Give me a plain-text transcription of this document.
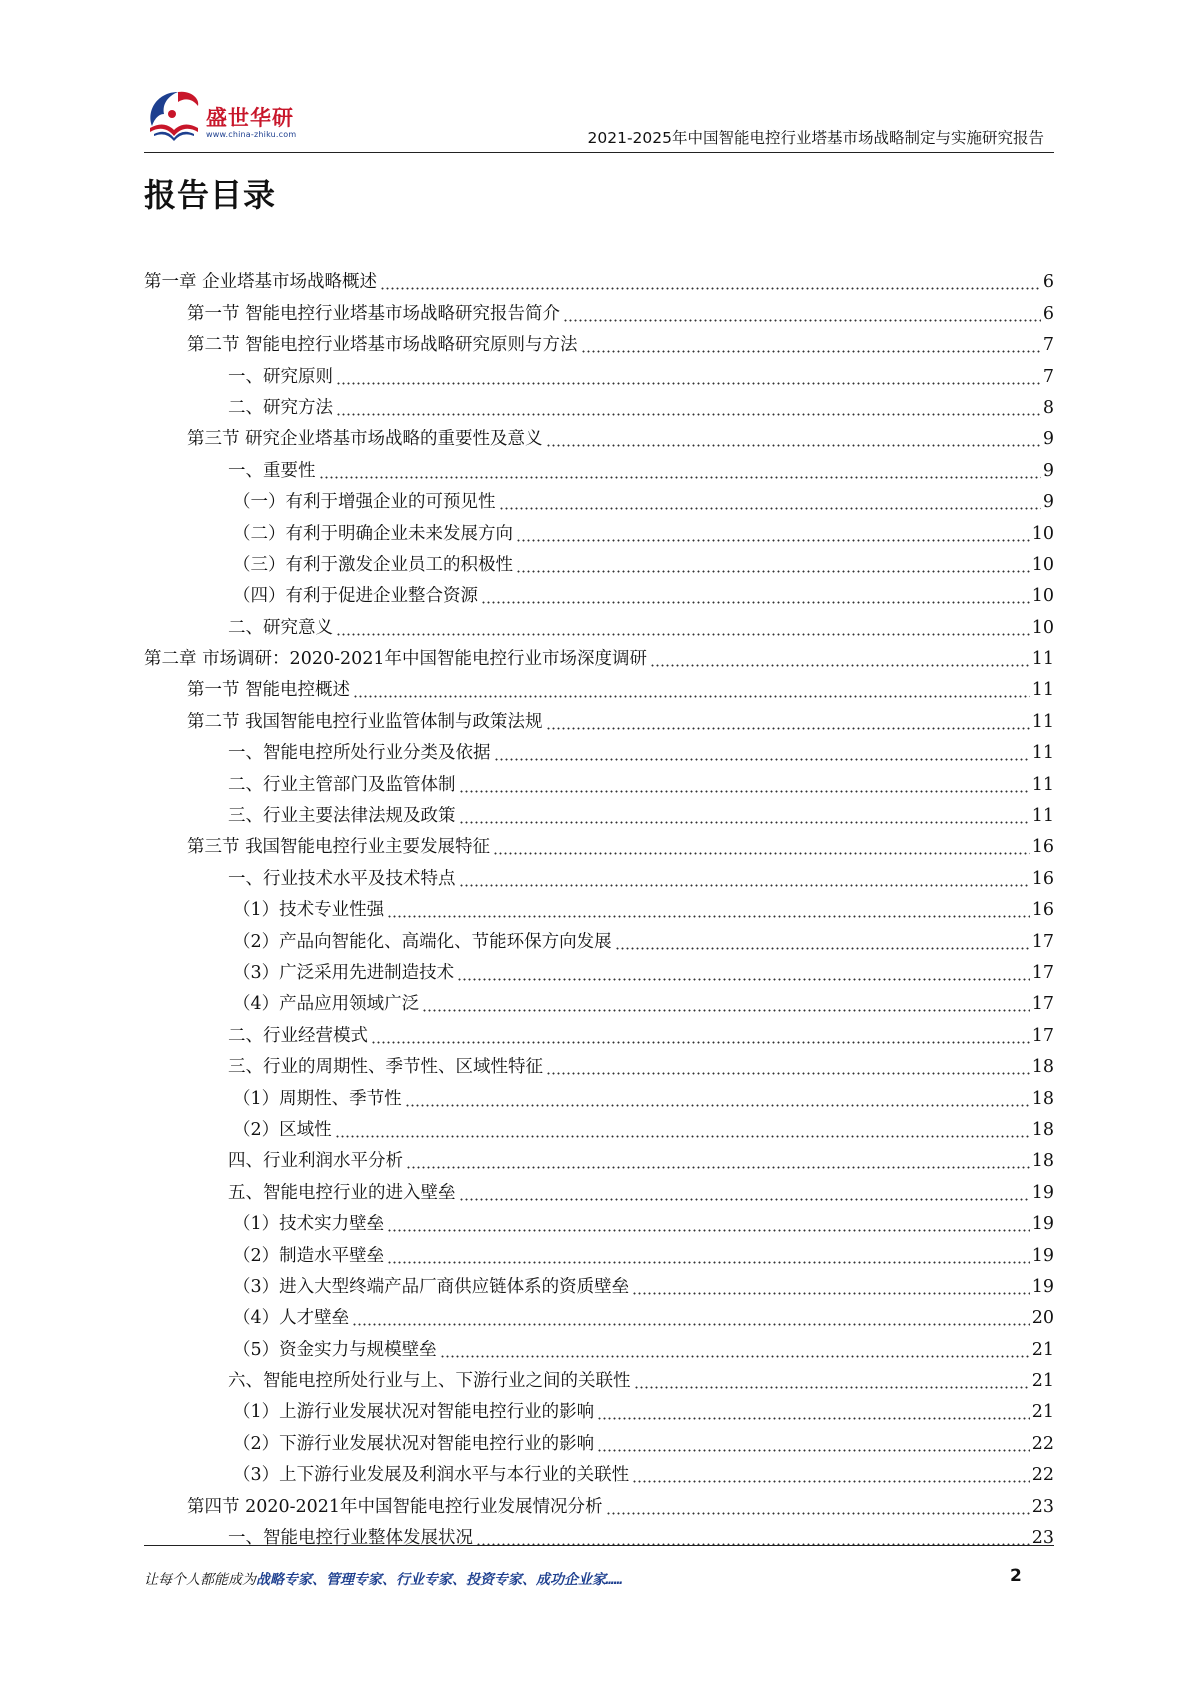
盛世华研
www.china-zhiku.com	2021-2025年中国智能电控行业塔基市场战略制定与实施研究报告
报告目录
第一章 企业塔基市场战略概述	6
第一节 智能电控行业塔基市场战略研究报告简介	6
第二节 智能电控行业塔基市场战略研究原则与方法	7
一、研究原则	7
二、研究方法	8
第三节 研究企业塔基市场战略的重要性及意义	9
一、重要性	9
（一）有利于增强企业的可预见性	9
（二）有利于明确企业未来发展方向	10
（三）有利于激发企业员工的积极性	10
（四）有利于促进企业整合资源	10
二、研究意义	10
第二章 市场调研：2020-2021年中国智能电控行业市场深度调研	11
第一节 智能电控概述	11
第二节 我国智能电控行业监管体制与政策法规	11
一、智能电控所处行业分类及依据	11
二、行业主管部门及监管体制	11
三、行业主要法律法规及政策	11
第三节 我国智能电控行业主要发展特征	16
一、行业技术水平及技术特点	16
（1）技术专业性强	16
（2）产品向智能化、高端化、节能环保方向发展	17
（3）广泛采用先进制造技术	17
（4）产品应用领域广泛	17
二、行业经营模式	17
三、行业的周期性、季节性、区域性特征	18
（1）周期性、季节性	18
（2）区域性	18
四、行业利润水平分析	18
五、智能电控行业的进入壁垒	19
（1）技术实力壁垒	19
（2）制造水平壁垒	19
（3）进入大型终端产品厂商供应链体系的资质壁垒	19
（4）人才壁垒	20
（5）资金实力与规模壁垒	21
六、智能电控所处行业与上、下游行业之间的关联性	21
（1）上游行业发展状况对智能电控行业的影响	21
（2）下游行业发展状况对智能电控行业的影响	22
（3）上下游行业发展及利润水平与本行业的关联性	22
第四节 2020-2021年中国智能电控行业发展情况分析	23
一、智能电控行业整体发展状况	23
让每个人都能成为战略专家、管理专家、行业专家、投资专家、成功企业家……	2
